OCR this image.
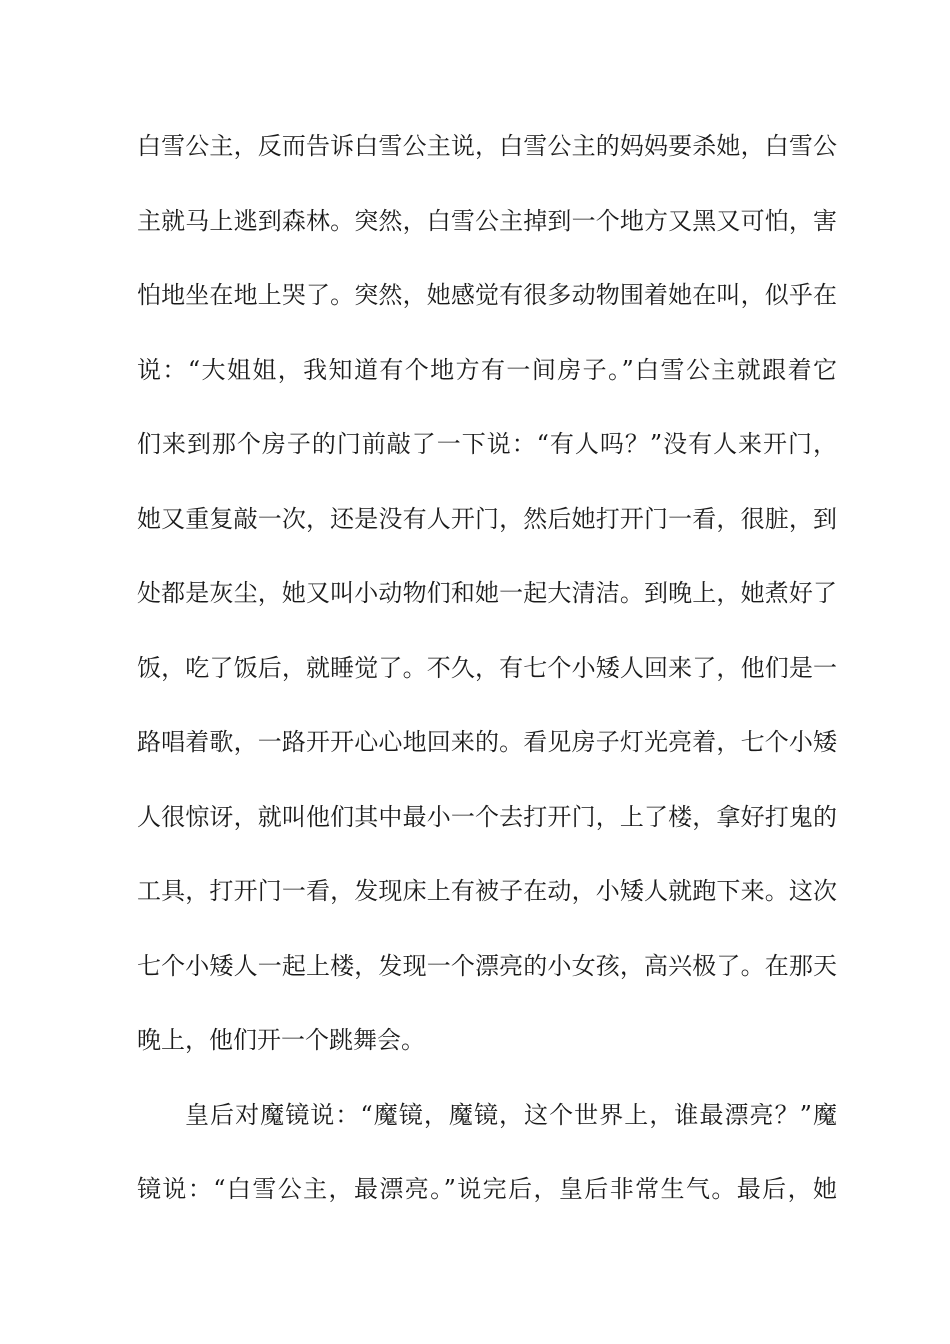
白雪公主，反而告诉白雪公主说，白雪公主的妈妈要杀她，白雪公
主就马上逃到森林。突然，白雪公主掉到一个地方又黑又可怕，害
怕地坐在地上哭了。突然，她感觉有很多动物围着她在叫，似乎在
说：“大姐姐，我知道有个地方有一间房子。”白雪公主就跟着它
们来到那个房子的门前敲了一下说：“有人吗？”没有人来开门，
她又重复敲一次，还是没有人开门，然后她打开门一看，很脏，到
处都是灰尘，她又叫小动物们和她一起大清洁。到晚上，她煮好了
饭，吃了饭后，就睡觉了。不久，有七个小矮人回来了，他们是一
路唱着歌，一路开开心心地回来的。看见房子灯光亮着，七个小矮
人很惊讶，就叫他们其中最小一个去打开门，上了楼，拿好打鬼的
工具，打开门一看，发现床上有被子在动，小矮人就跑下来。这次
七个小矮人一起上楼，发现一个漂亮的小女孩，高兴极了。在那天
晚上，他们开一个跳舞会。
皇后对魔镜说：“魔镜，魔镜，这个世界上，谁最漂亮？”魔
镜说：“白雪公主，最漂亮。”说完后，皇后非常生气。最后，她
